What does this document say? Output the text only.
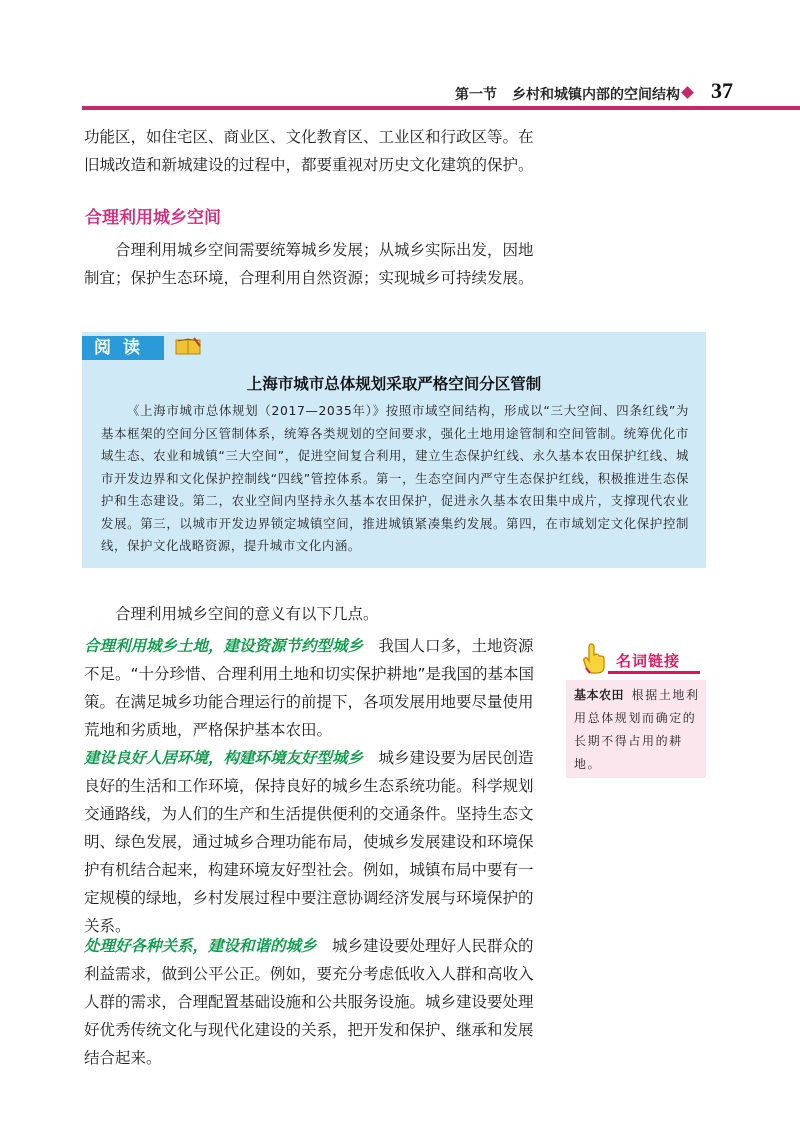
第一节 乡村和城镇内部的空间结构 37

功能区，如住宅区、商业区、文化教育区、工业区和行政区等。在旧城改造和新城建设的过程中，都要重视对历史文化建筑的保护。

合理利用城乡空间

合理利用城乡空间需要统筹城乡发展；从城乡实际出发，因地制宜；保护生态环境，合理利用自然资源；实现城乡可持续发展。

阅读
上海市城市总体规划采取严格空间分区管制

《上海市城市总体规划（2017—2035年）》按照市域空间结构，形成以“三大空间、四条红线”为基本框架的空间分区管制体系，统筹各类规划的空间要求，强化土地用途管制和空间管制。统筹优化市域生态、农业和城镇“三大空间”，促进空间复合利用，建立生态保护红线、永久基本农田保护红线、城市开发边界和文化保护控制线“四线”管控体系。第一，生态空间内严守生态保护红线，积极推进生态保护和生态建设。第二，农业空间内坚持永久基本农田保护，促进永久基本农田集中成片，支撑现代农业发展。第三，以城市开发边界锁定城镇空间，推进城镇紧凑集约发展。第四，在市域划定文化保护控制线，保护文化战略资源，提升城市文化内涵。

合理利用城乡空间的意义有以下几点。

合理利用城乡土地，建设资源节约型城乡  我国人口多，土地资源不足。“十分珍惜、合理利用土地和切实保护耕地”是我国的基本国策。在满足城乡功能合理运行的前提下，各项发展用地要尽量使用荒地和劣质地，严格保护基本农田。

建设良好人居环境，构建环境友好型城乡  城乡建设要为居民创造良好的生活和工作环境，保持良好的城乡生态系统功能。科学规划交通路线，为人们的生产和生活提供便利的交通条件。坚持生态文明、绿色发展，通过城乡合理功能布局，使城乡发展建设和环境保护有机结合起来，构建环境友好型社会。例如，城镇布局中要有一定规模的绿地，乡村发展过程中要注意协调经济发展与环境保护的关系。

处理好各种关系，建设和谐的城乡  城乡建设要处理好人民群众的利益需求，做到公平公正。例如，要充分考虑低收入人群和高收入人群的需求，合理配置基础设施和公共服务设施。城乡建设要处理好优秀传统文化与现代化建设的关系，把开发和保护、继承和发展结合起来。

名词链接

基本农田  根据土地利用总体规划而确定的长期不得占用的耕地。
